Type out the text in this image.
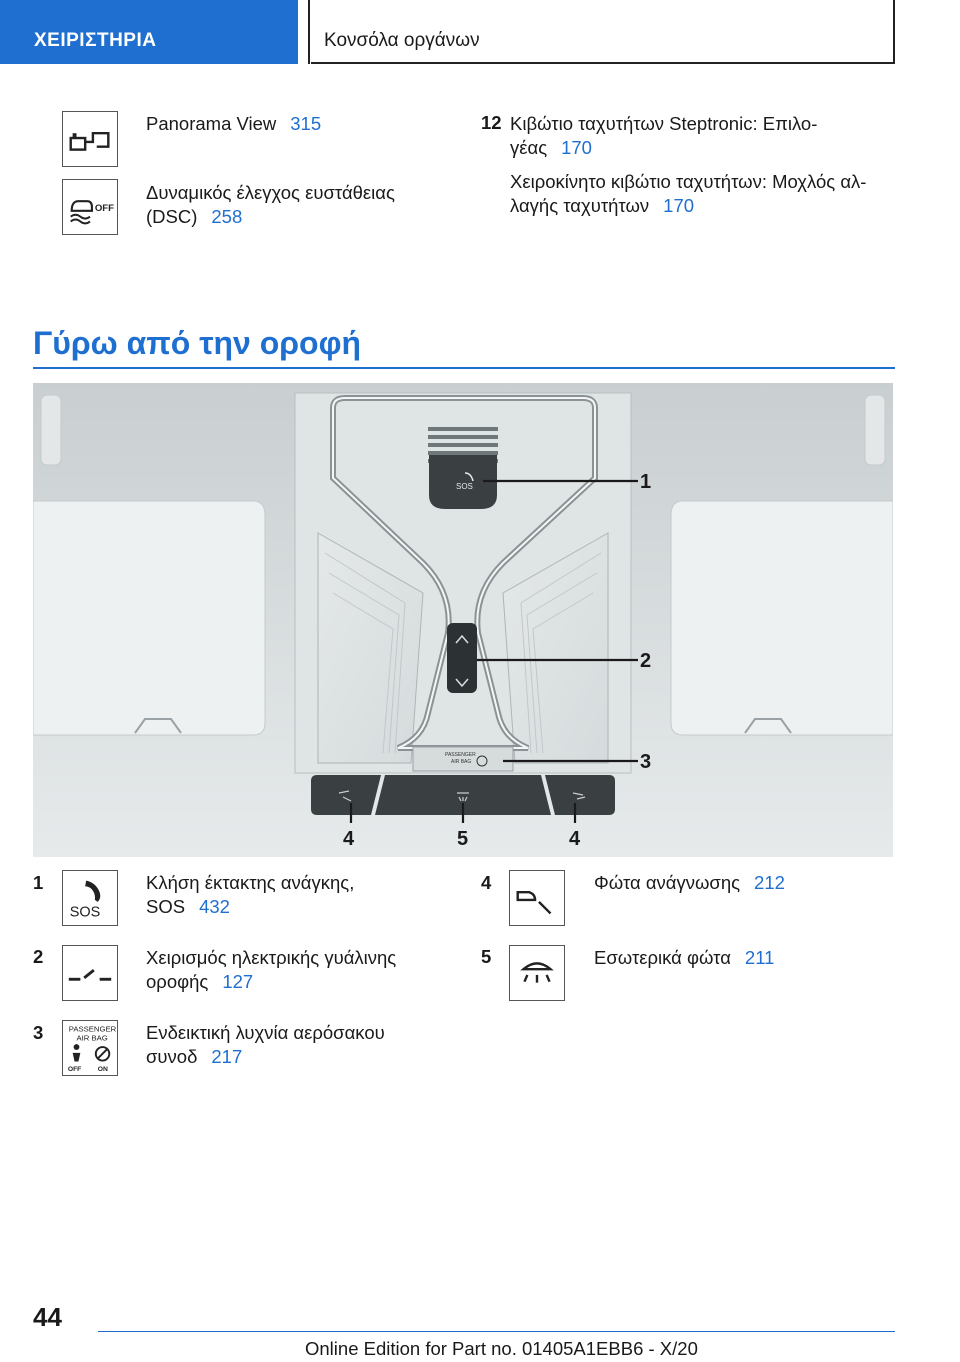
ΧΕΙΡΙΣΤΗΡΙΑ	Κονσόλα οργάνων
Panorama View 315
OFF
Δυναμικός έλεγχος ευστάθειας
(DSC) 258
12 Κιβώτιο ταχυτήτων Steptronic: Επιλο-
γέας 170
Χειροκίνητο κιβώτιο ταχυτήτων: Μοχλός αλ-
λαγής ταχυτήτων 170
Γύρω από την οροφή
SOS
PASSENGER
AIR BAG
1
2
3
4	5	4
1
SOS
Κλήση έκτακτης ανάγκης,
SOS 432
2	Χειρισμός ηλεκτρικής γυάλινης
οροφής 127
3	PASSENGER
AIR BAG
OFF ON
Ενδεικτική λυχνία αερόσακου
συνοδ 217
4	Φώτα ανάγνωσης 212
5	Εσωτερικά φώτα 211
44
Online Edition for Part no. 01405A1EBB6 - X/20
